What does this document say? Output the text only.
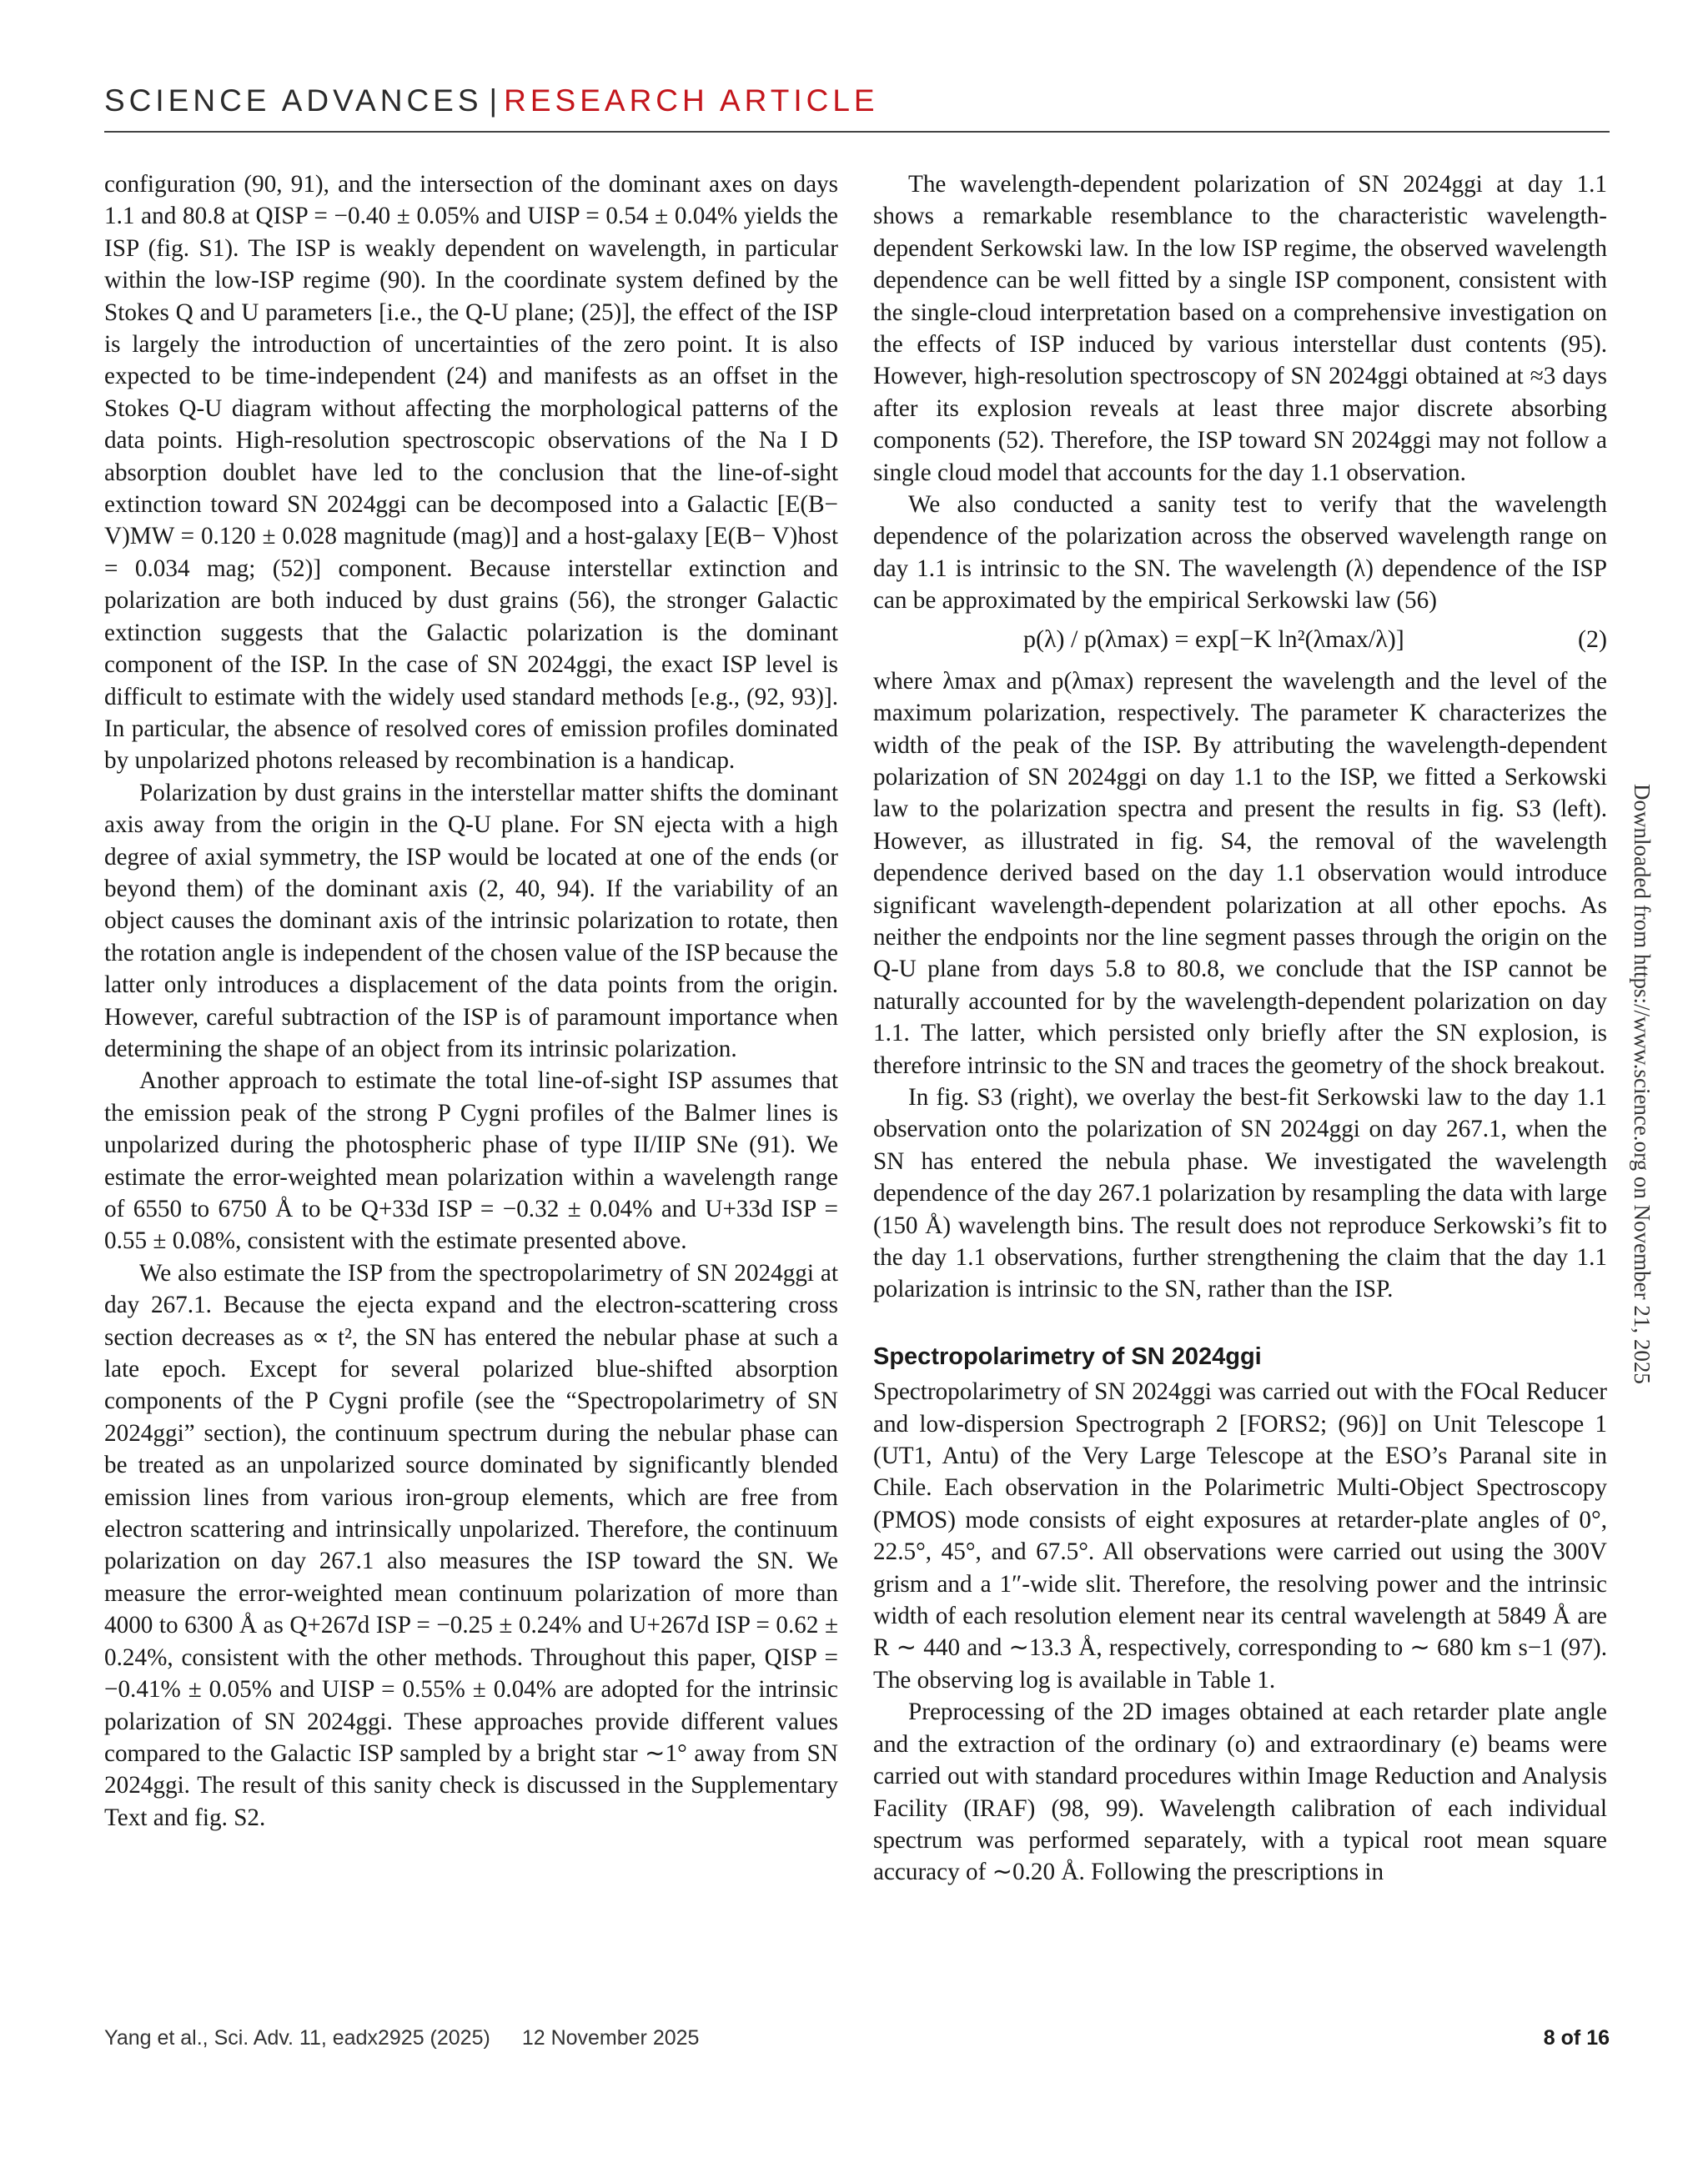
SCIENCE ADVANCES | RESEARCH ARTICLE

configuration (90, 91), and the intersection of the dominant axes on days 1.1 and 80.8 at QISP = −0.40 ± 0.05% and UISP = 0.54 ± 0.04% yields the ISP (fig. S1). The ISP is weakly dependent on wavelength, in particular within the low-ISP regime (90). In the coordinate system defined by the Stokes Q and U parameters [i.e., the Q-U plane; (25)], the effect of the ISP is largely the introduction of uncertainties of the zero point. It is also expected to be time-independent (24) and manifests as an offset in the Stokes Q-U diagram without affecting the morphological patterns of the data points. High-resolution spectroscopic observations of the Na I D absorption doublet have led to the conclusion that the line-of-sight extinction toward SN 2024ggi can be decomposed into a Galactic [E(B− V)MW = 0.120 ± 0.028 magnitude (mag)] and a host-galaxy [E(B− V)host = 0.034 mag; (52)] component. Because interstellar extinction and polarization are both induced by dust grains (56), the stronger Galactic extinction suggests that the Galactic polarization is the dominant component of the ISP. In the case of SN 2024ggi, the exact ISP level is difficult to estimate with the widely used standard methods [e.g., (92, 93)]. In particular, the absence of resolved cores of emission profiles dominated by unpolarized photons released by recombination is a handicap.

Polarization by dust grains in the interstellar matter shifts the dominant axis away from the origin in the Q-U plane. For SN ejecta with a high degree of axial symmetry, the ISP would be located at one of the ends (or beyond them) of the dominant axis (2, 40, 94). If the variability of an object causes the dominant axis of the intrinsic polarization to rotate, then the rotation angle is independent of the chosen value of the ISP because the latter only introduces a displacement of the data points from the origin. However, careful subtraction of the ISP is of paramount importance when determining the shape of an object from its intrinsic polarization.

Another approach to estimate the total line-of-sight ISP assumes that the emission peak of the strong P Cygni profiles of the Balmer lines is unpolarized during the photospheric phase of type II/IIP SNe (91). We estimate the error-weighted mean polarization within a wavelength range of 6550 to 6750 Å to be Q+33d ISP = −0.32 ± 0.04% and U+33d ISP = 0.55 ± 0.08%, consistent with the estimate presented above.

We also estimate the ISP from the spectropolarimetry of SN 2024ggi at day 267.1. Because the ejecta expand and the electron-scattering cross section decreases as ∝ t², the SN has entered the nebular phase at such a late epoch. Except for several polarized blue-shifted absorption components of the P Cygni profile (see the “Spectropolarimetry of SN 2024ggi” section), the continuum spectrum during the nebular phase can be treated as an unpolarized source dominated by significantly blended emission lines from various iron-group elements, which are free from electron scattering and intrinsically unpolarized. Therefore, the continuum polarization on day 267.1 also measures the ISP toward the SN. We measure the error-weighted mean continuum polarization of more than 4000 to 6300 Å as Q+267d ISP = −0.25 ± 0.24% and U+267d ISP = 0.62 ± 0.24%, consistent with the other methods. Throughout this paper, QISP = −0.41% ± 0.05% and UISP = 0.55% ± 0.04% are adopted for the intrinsic polarization of SN 2024ggi. These approaches provide different values compared to the Galactic ISP sampled by a bright star ∼1° away from SN 2024ggi. The result of this sanity check is discussed in the Supplementary Text and fig. S2.

The wavelength-dependent polarization of SN 2024ggi at day 1.1 shows a remarkable resemblance to the characteristic wavelength-dependent Serkowski law. In the low ISP regime, the observed wavelength dependence can be well fitted by a single ISP component, consistent with the single-cloud interpretation based on a comprehensive investigation on the effects of ISP induced by various interstellar dust contents (95). However, high-resolution spectroscopy of SN 2024ggi obtained at ≈3 days after its explosion reveals at least three major discrete absorbing components (52). Therefore, the ISP toward SN 2024ggi may not follow a single cloud model that accounts for the day 1.1 observation.

We also conducted a sanity test to verify that the wavelength dependence of the polarization across the observed wavelength range on day 1.1 is intrinsic to the SN. The wavelength (λ) dependence of the ISP can be approximated by the empirical Serkowski law (56)

p(λ) / p(λmax) = exp[−K ln²(λmax/λ)]	(2)

where λmax and p(λmax) represent the wavelength and the level of the maximum polarization, respectively. The parameter K characterizes the width of the peak of the ISP. By attributing the wavelength-dependent polarization of SN 2024ggi on day 1.1 to the ISP, we fitted a Serkowski law to the polarization spectra and present the results in fig. S3 (left). However, as illustrated in fig. S4, the removal of the wavelength dependence derived based on the day 1.1 observation would introduce significant wavelength-dependent polarization at all other epochs. As neither the endpoints nor the line segment passes through the origin on the Q-U plane from days 5.8 to 80.8, we conclude that the ISP cannot be naturally accounted for by the wavelength-dependent polarization on day 1.1. The latter, which persisted only briefly after the SN explosion, is therefore intrinsic to the SN and traces the geometry of the shock breakout.

In fig. S3 (right), we overlay the best-fit Serkowski law to the day 1.1 observation onto the polarization of SN 2024ggi on day 267.1, when the SN has entered the nebula phase. We investigated the wavelength dependence of the day 267.1 polarization by resampling the data with large (150 Å) wavelength bins. The result does not reproduce Serkowski’s fit to the day 1.1 observations, further strengthening the claim that the day 1.1 polarization is intrinsic to the SN, rather than the ISP.

Spectropolarimetry of SN 2024ggi

Spectropolarimetry of SN 2024ggi was carried out with the FOcal Reducer and low-dispersion Spectrograph 2 [FORS2; (96)] on Unit Telescope 1 (UT1, Antu) of the Very Large Telescope at the ESO’s Paranal site in Chile. Each observation in the Polarimetric Multi-Object Spectroscopy (PMOS) mode consists of eight exposures at retarder-plate angles of 0°, 22.5°, 45°, and 67.5°. All observations were carried out using the 300V grism and a 1″-wide slit. Therefore, the resolving power and the intrinsic width of each resolution element near its central wavelength at 5849 Å are R ∼ 440 and ∼13.3 Å, respectively, corresponding to ∼ 680 km s−1 (97). The observing log is available in Table 1.

Preprocessing of the 2D images obtained at each retarder plate angle and the extraction of the ordinary (o) and extraordinary (e) beams were carried out with standard procedures within Image Reduction and Analysis Facility (IRAF) (98, 99). Wavelength calibration of each individual spectrum was performed separately, with a typical root mean square accuracy of ∼0.20 Å. Following the prescriptions in

Downloaded from https://www.science.org on November 21, 2025
Yang et al., Sci. Adv. 11, eadx2925 (2025) 12 November 2025	8 of 16
